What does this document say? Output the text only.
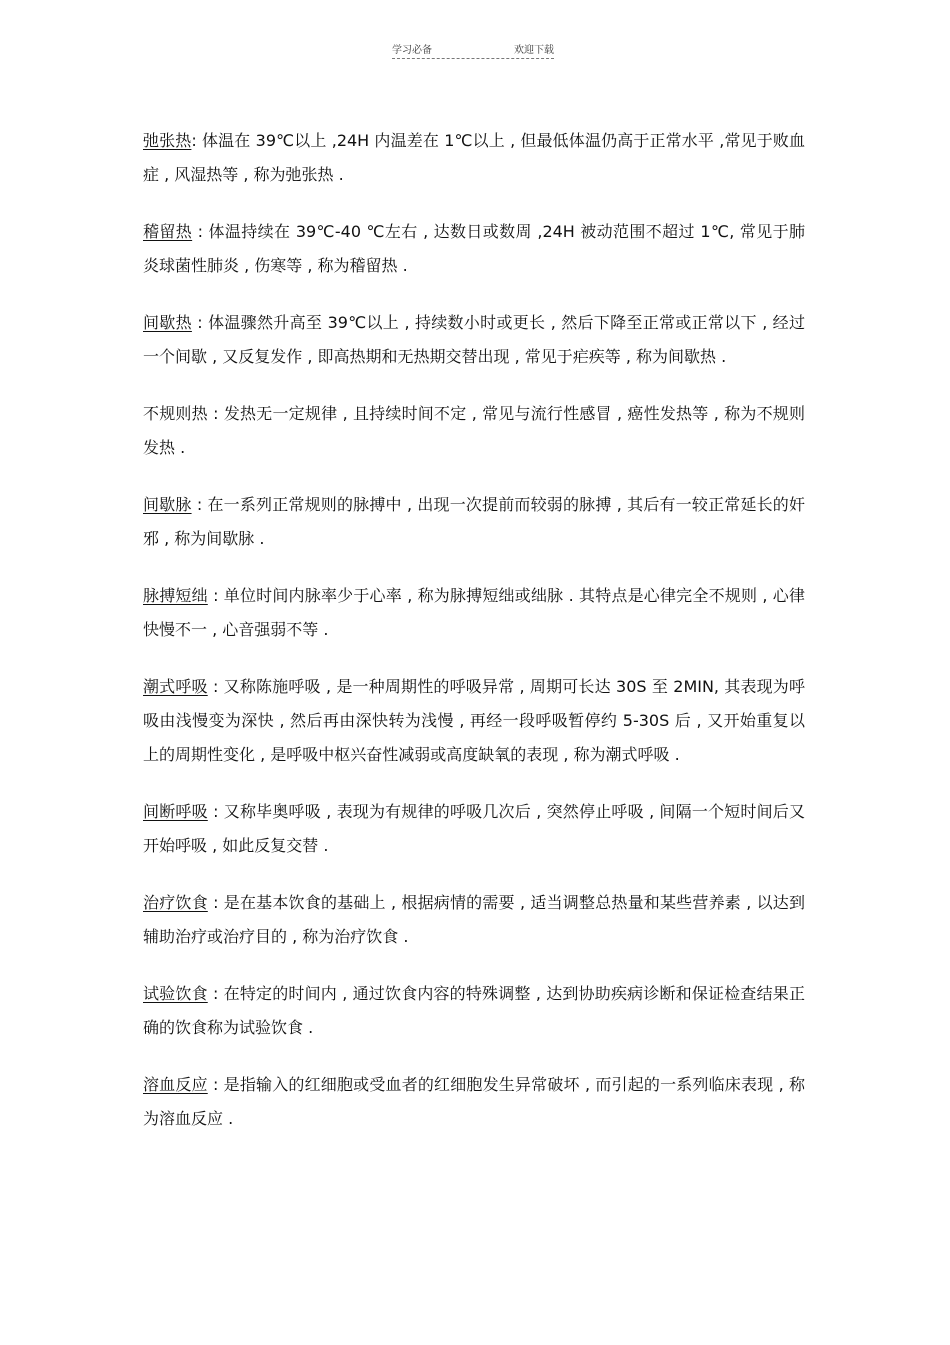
学习必备	欢迎下载

弛张热: 体温在 39℃以上 ,24H 内温差在 1℃以上 , 但最低体温仍高于正常水平 ,常见于败血症 , 风湿热等 , 称为弛张热 .

稽留热 : 体温持续在 39℃-40 ℃左右 , 达数日或数周 ,24H 被动范围不超过 1℃, 常见于肺炎球菌性肺炎 , 伤寒等 , 称为稽留热 .

间歇热 : 体温骤然升高至 39℃以上 , 持续数小时或更长 , 然后下降至正常或正常以下 , 经过一个间歇 , 又反复发作 , 即高热期和无热期交替出现 , 常见于疟疾等 , 称为间歇热 .

不规则热 : 发热无一定规律 , 且持续时间不定 , 常见与流行性感冒 , 癌性发热等 , 称为不规则发热 .

间歇脉 : 在一系列正常规则的脉搏中 , 出现一次提前而较弱的脉搏 , 其后有一较正常延长的奸邪 , 称为间歇脉 .

脉搏短绌 : 单位时间内脉率少于心率 , 称为脉搏短绌或绌脉 . 其特点是心律完全不规则 , 心律快慢不一 , 心音强弱不等 .

潮式呼吸 : 又称陈施呼吸 , 是一种周期性的呼吸异常 , 周期可长达 30S 至 2MIN, 其表现为呼吸由浅慢变为深快 , 然后再由深快转为浅慢 , 再经一段呼吸暂停约 5-30S 后 , 又开始重复以上的周期性变化 , 是呼吸中枢兴奋性减弱或高度缺氧的表现 , 称为潮式呼吸 .

间断呼吸 : 又称毕奥呼吸 , 表现为有规律的呼吸几次后 , 突然停止呼吸 , 间隔一个短时间后又开始呼吸 , 如此反复交替 .

治疗饮食 : 是在基本饮食的基础上 , 根据病情的需要 , 适当调整总热量和某些营养素 , 以达到辅助治疗或治疗目的 , 称为治疗饮食 .

试验饮食 : 在特定的时间内 , 通过饮食内容的特殊调整 , 达到协助疾病诊断和保证检查结果正确的饮食称为试验饮食 .

溶血反应 : 是指输入的红细胞或受血者的红细胞发生异常破坏 , 而引起的一系列临床表现 , 称为溶血反应 .
